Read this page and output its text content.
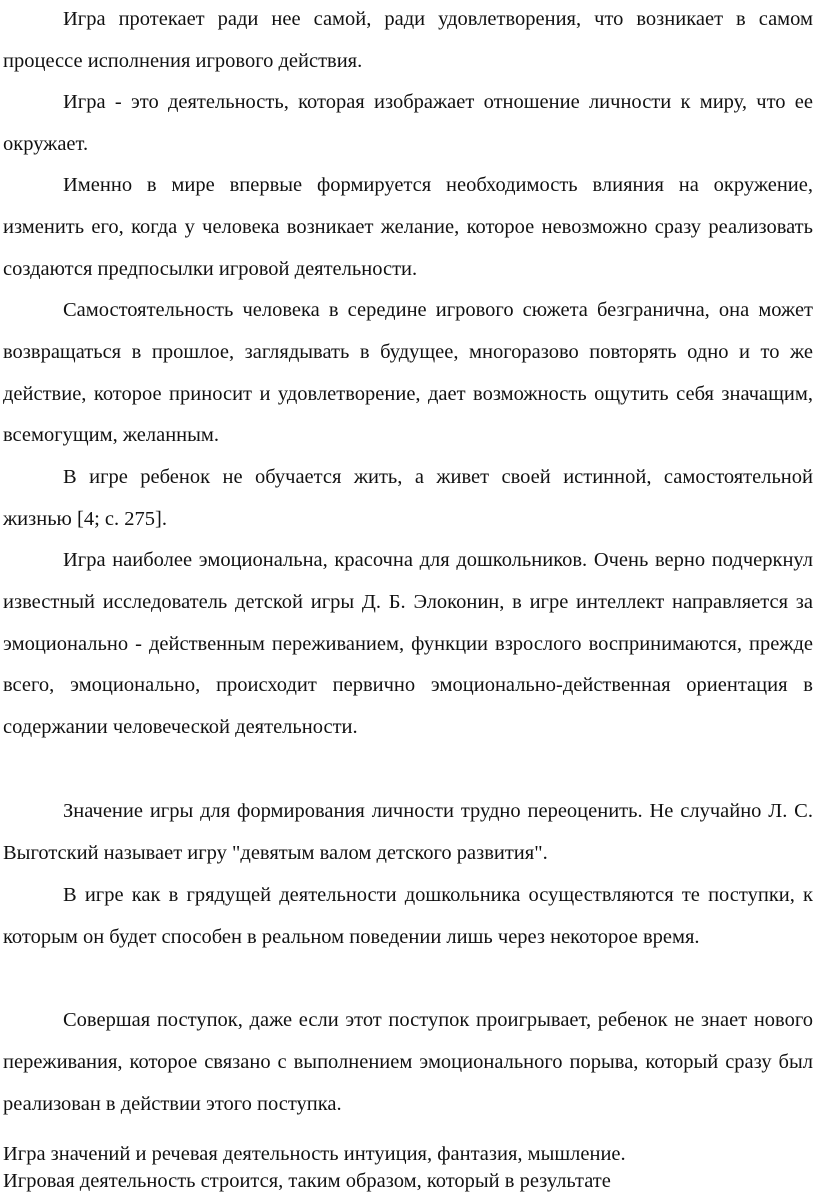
Игра протекает ради нее самой, ради удовлетворения, что возникает в самом процессе исполнения игрового действия.

Игра - это деятельность, которая изображает отношение личности к миру, что ее окружает.

Именно в мире впервые формируется необходимость влияния на окружение, изменить его, когда у человека возникает желание, которое невозможно сразу реализовать создаются предпосылки игровой деятельности.

Самостоятельность человека в середине игрового сюжета безгранична, она может возвращаться в прошлое, заглядывать в будущее, многоразово повторять одно и то же действие, которое приносит и удовлетворение, дает возможность ощутить себя значащим, всемогущим, желанным.

В игре ребенок не обучается жить, а живет своей истинной, самостоятельной жизнью [4; с. 275].

Игра наиболее эмоциональна, красочна для дошкольников. Очень верно подчеркнул известный исследователь детской игры Д. Б. Элоконин, в игре интеллект направляется за эмоционально - действенным переживанием, функции взрослого воспринимаются, прежде всего, эмоционально, происходит первично эмоционально-действенная ориентация в содержании человеческой деятельности.

Значение игры для формирования личности трудно переоценить. Не случайно Л. С. Выготский называет игру "девятым валом детского развития".

В игре как в грядущей деятельности дошкольника осуществляются те поступки, к которым он будет способен в реальном поведении лишь через некоторое время.

Совершая поступок, даже если этот поступок проигрывает, ребенок не знает нового переживания, которое связано с выполнением эмоционального порыва, который сразу был реализован в действии этого поступка.

Игра значений и речевая деятельность интуиция, фантазия, мышление.
Игровая деятельность строится, таким образом, который в результате
